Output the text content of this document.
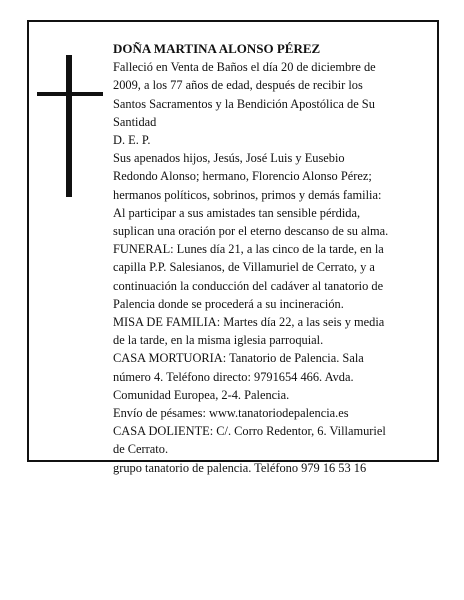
DOÑA MARTINA ALONSO PÉREZ
Falleció en Venta de Baños el día 20 de diciembre de
2009, a los 77 años de edad, después de recibir los
Santos Sacramentos y la Bendición Apostólica de Su
Santidad
D. E. P.
Sus apenados hijos, Jesús, José Luis y Eusebio
Redondo Alonso; hermano, Florencio Alonso Pérez;
hermanos políticos, sobrinos, primos y demás familia:
Al participar a sus amistades tan sensible pérdida,
suplican una oración por el eterno descanso de su alma.
FUNERAL: Lunes día 21, a las cinco de la tarde, en la
capilla P.P. Salesianos, de Villamuriel de Cerrato, y a
continuación la conducción del cadáver al tanatorio de
Palencia donde se procederá a su incineración.
MISA DE FAMILIA: Martes día 22, a las seis y media
de la tarde, en la misma iglesia parroquial.
CASA MORTUORIA: Tanatorio de Palencia. Sala
número 4. Teléfono directo: 9791654 466. Avda.
Comunidad Europea, 2-4. Palencia.
Envío de pésames: www.tanatoriodepalencia.es
CASA DOLIENTE: C/. Corro Redentor, 6. Villamuriel
de Cerrato.
grupo tanatorio de palencia. Teléfono 979 16 53 16
